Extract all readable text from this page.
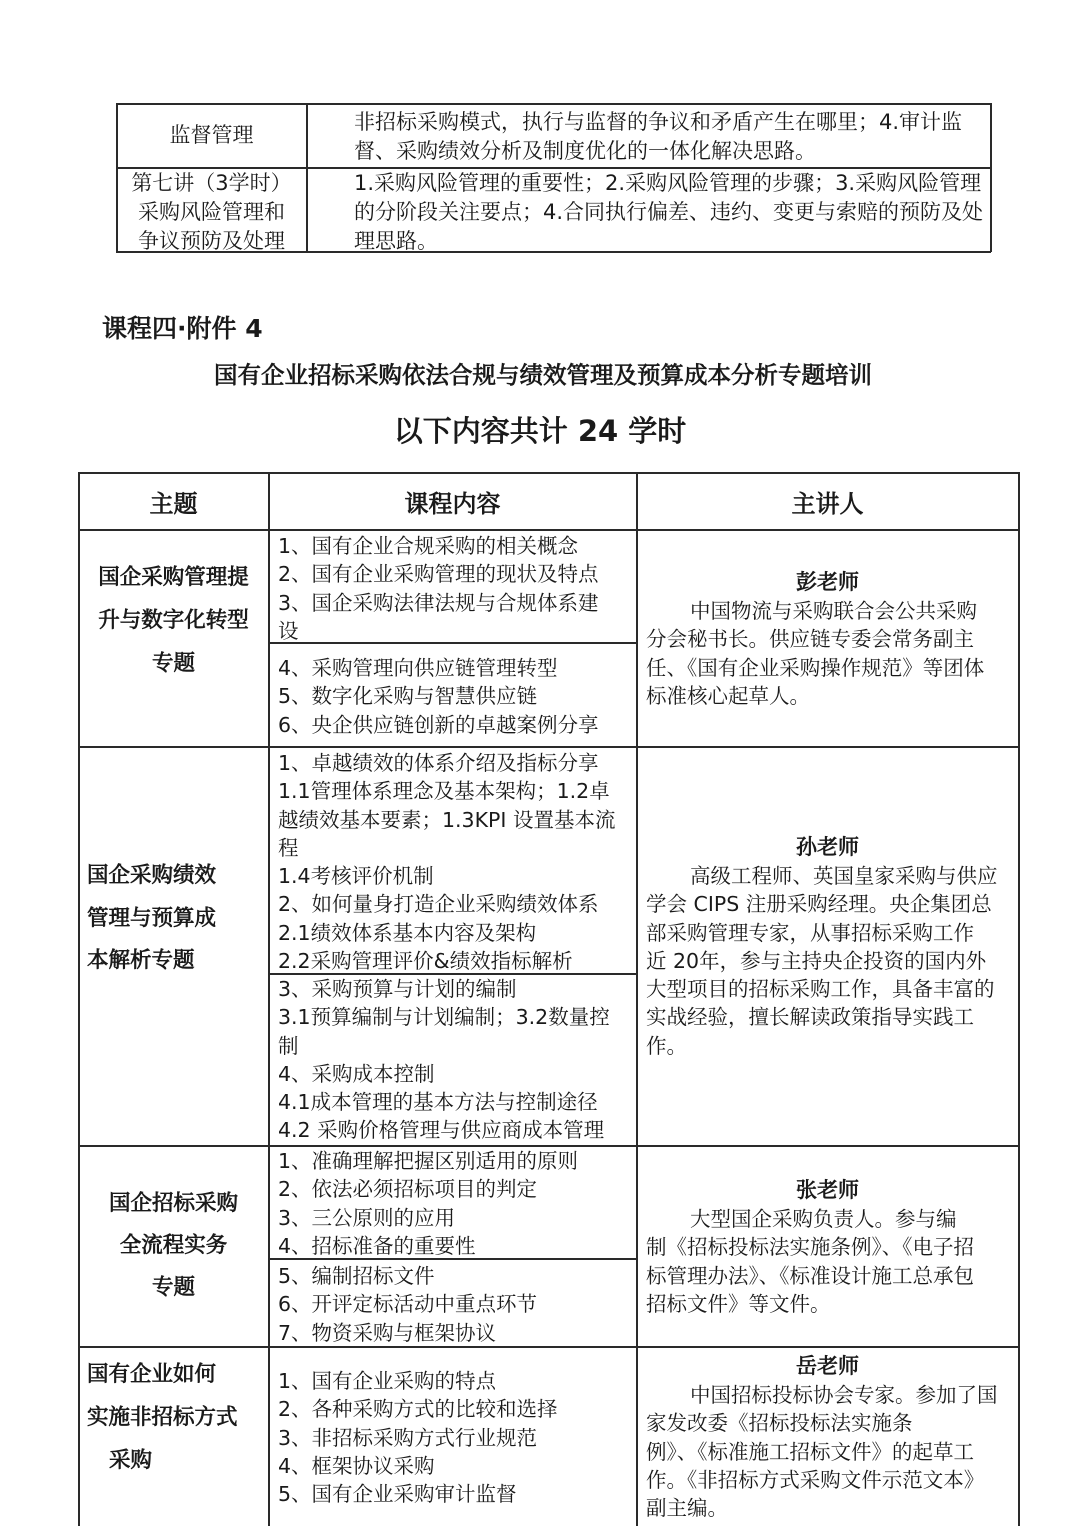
监督管理
非招标采购模式，执行与监督的争议和矛盾产生在哪里；4.审计监
督、采购绩效分析及制度优化的一体化解决思路。
第七讲（3学时）
采购风险管理和
争议预防及处理
1.采购风险管理的重要性；2.采购风险管理的步骤；3.采购风险管理
的分阶段关注要点；4.合同执行偏差、违约、变更与索赔的预防及处
理思路。
课程四·附件 4
国有企业招标采购依法合规与绩效管理及预算成本分析专题培训
以下内容共计 24 学时
主题	课程内容	主讲人
国企采购管理提
升与数字化转型
专题
1、国有企业合规采购的相关概念
2、国有企业采购管理的现状及特点
3、国企采购法律法规与合规体系建
设
4、采购管理向供应链管理转型
5、数字化采购与智慧供应链
6、央企供应链创新的卓越案例分享
彭老师
中国物流与采购联合会公共采购
分会秘书长。供应链专委会常务副主
任、《国有企业采购操作规范》等团体
标准核心起草人。
国企采购绩效
管理与预算成
本解析专题
1、卓越绩效的体系介绍及指标分享
1.1管理体系理念及基本架构；1.2卓
越绩效基本要素；1.3KPI 设置基本流
程
1.4考核评价机制
2、如何量身打造企业采购绩效体系
2.1绩效体系基本内容及架构
2.2采购管理评价&绩效指标解析
3、采购预算与计划的编制
3.1预算编制与计划编制；3.2数量控
制
4、采购成本控制
4.1成本管理的基本方法与控制途径
4.2 采购价格管理与供应商成本管理
孙老师
高级工程师、英国皇家采购与供应
学会 CIPS 注册采购经理。央企集团总
部采购管理专家，从事招标采购工作
近 20年，参与主持央企投资的国内外
大型项目的招标采购工作，具备丰富的
实战经验，擅长解读政策指导实践工
作。
国企招标采购
全流程实务
专题
1、准确理解把握区别适用的原则
2、依法必须招标项目的判定
3、三公原则的应用
4、招标准备的重要性
5、编制招标文件
6、开评定标活动中重点环节
7、物资采购与框架协议
张老师
大型国企采购负责人。参与编
制《招标投标法实施条例》、《电子招
标管理办法》、《标准设计施工总承包
招标文件》等文件。
国有企业如何
实施非招标方式
采购
1、国有企业采购的特点
2、各种采购方式的比较和选择
3、非招标采购方式行业规范
4、框架协议采购
5、国有企业采购审计监督
岳老师
中国招标投标协会专家。参加了国
家发改委《招标投标法实施条
例》、《标准施工招标文件》的起草工
作。《非招标方式采购文件示范文本》
副主编。
